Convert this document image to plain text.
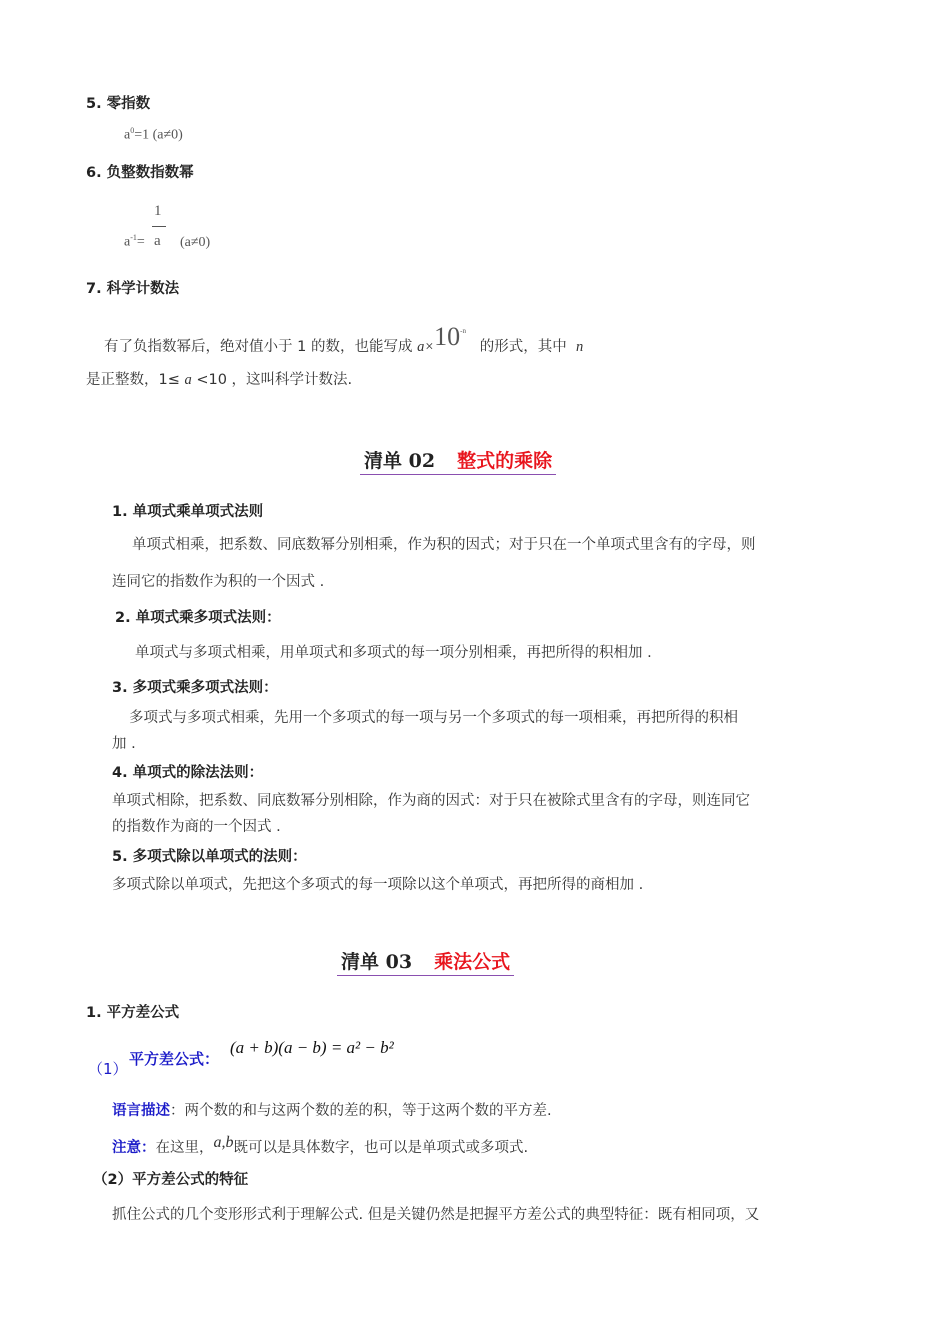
5. 零指数
$a^0=1$ (a≠0)
6. 负整数指数幂
1
$a^{-1}= a$ (a≠0)
7. 科学计数法
有了负指数幂后，绝对值小于 1 的数，也能写成 $a\times 10^{-n}$   的形式，其中 n
是正整数，1≤ a <10 ，这叫科学计数法.
清单 02 整式的乘除
1. 单项式乘单项式法则
单项式相乘，把系数、同底数幂分别相乘，作为积的因式；对于只在一个单项式里含有的字母，则
连同它的指数作为积的一个因式 .
2. 单项式乘多项式法则：
单项式与多项式相乘，用单项式和多项式的每一项分别相乘，再把所得的积相加 .
3. 多项式乘多项式法则：
多项式与多项式相乘，先用一个多项式的每一项与另一个多项式的每一项相乘，再把所得的积相
加 .
4. 单项式的除法法则：
单项式相除，把系数、同底数幂分别相除，作为商的因式：对于只在被除式里含有的字母，则连同它
的指数作为商的一个因式 .
5. 多项式除以单项式的法则：
多项式除以单项式，先把这个多项式的每一项除以这个单项式，再把所得的商相加 .
清单 03 乘法公式
1. 平方差公式
（1）
平方差公式：
(a + b)(a − b) = a² − b²
语言描述：两个数的和与这两个数的差的积，等于这两个数的平方差.
注意：在这里，a,b既可以是具体数字，也可以是单项式或多项式.
（2）平方差公式的特征
抓住公式的几个变形形式利于理解公式. 但是关键仍然是把握平方差公式的典型特征：既有相同项，又
